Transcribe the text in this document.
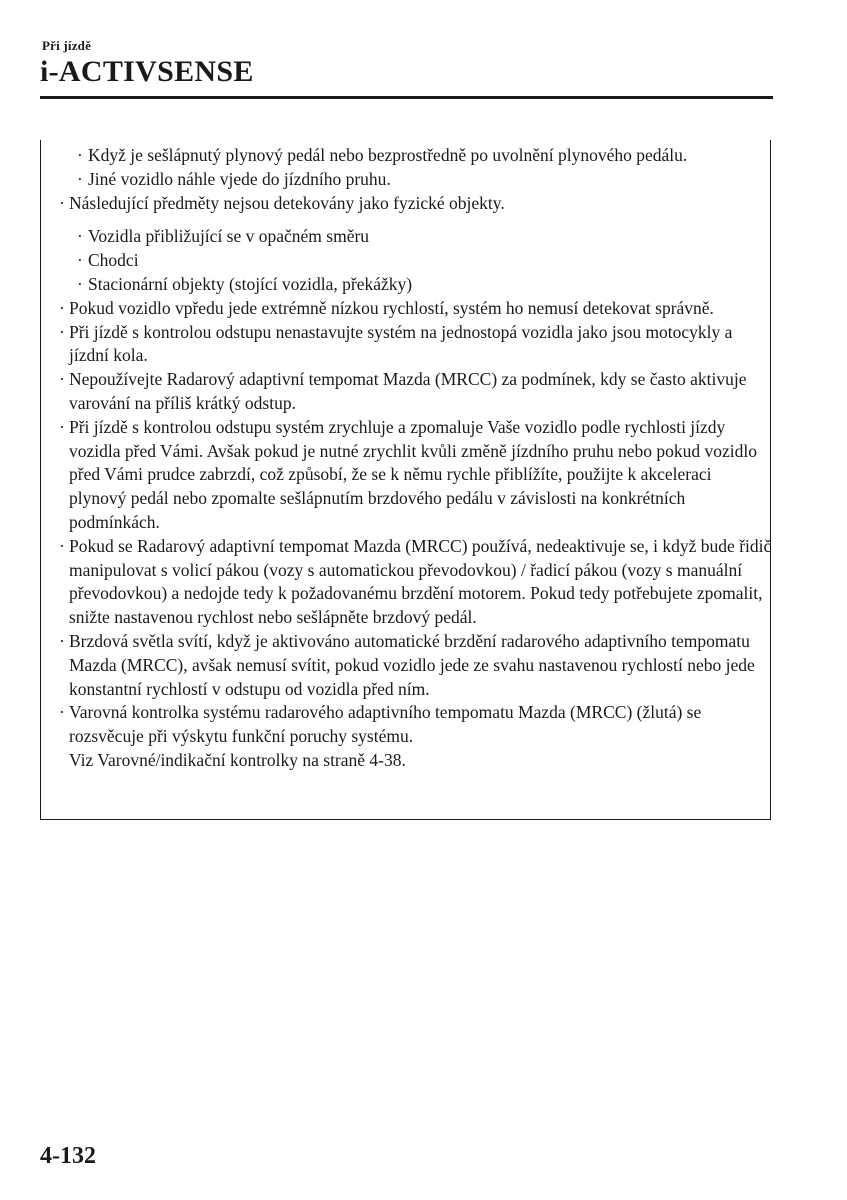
Při jízdě
i-ACTIVSENSE
· Když je sešlápnutý plynový pedál nebo bezprostředně po uvolnění plynového pedálu.
· Jiné vozidlo náhle vjede do jízdního pruhu.
· Následující předměty nejsou detekovány jako fyzické objekty.
· Vozidla přibližující se v opačném směru
· Chodci
· Stacionární objekty (stojící vozidla, překážky)
· Pokud vozidlo vpředu jede extrémně nízkou rychlostí, systém ho nemusí detekovat správně.
· Při jízdě s kontrolou odstupu nenastavujte systém na jednostopá vozidla jako jsou motocykly a jízdní kola.
· Nepoužívejte Radarový adaptivní tempomat Mazda (MRCC) za podmínek, kdy se často aktivuje varování na příliš krátký odstup.
· Při jízdě s kontrolou odstupu systém zrychluje a zpomaluje Vaše vozidlo podle rychlosti jízdy vozidla před Vámi. Avšak pokud je nutné zrychlit kvůli změně jízdního pruhu nebo pokud vozidlo před Vámi prudce zabrzdí, což způsobí, že se k němu rychle přiblížíte, použijte k akceleraci plynový pedál nebo zpomalte sešlápnutím brzdového pedálu v závislosti na konkrétních podmínkách.
· Pokud se Radarový adaptivní tempomat Mazda (MRCC) používá, nedeaktivuje se, i když bude řidič manipulovat s volicí pákou (vozy s automatickou převodovkou) / řadicí pákou (vozy s manuální převodovkou) a nedojde tedy k požadovanému brzdění motorem. Pokud tedy potřebujete zpomalit, snižte nastavenou rychlost nebo sešlápněte brzdový pedál.
· Brzdová světla svítí, když je aktivováno automatické brzdění radarového adaptivního tempomatu Mazda (MRCC), avšak nemusí svítit, pokud vozidlo jede ze svahu nastavenou rychlostí nebo jede konstantní rychlostí v odstupu od vozidla před ním.
· Varovná kontrolka systému radarového adaptivního tempomatu Mazda (MRCC) (žlutá) se rozsvěcuje při výskytu funkční poruchy systému.
Viz Varovné/indikační kontrolky na straně 4-38.
4-132
